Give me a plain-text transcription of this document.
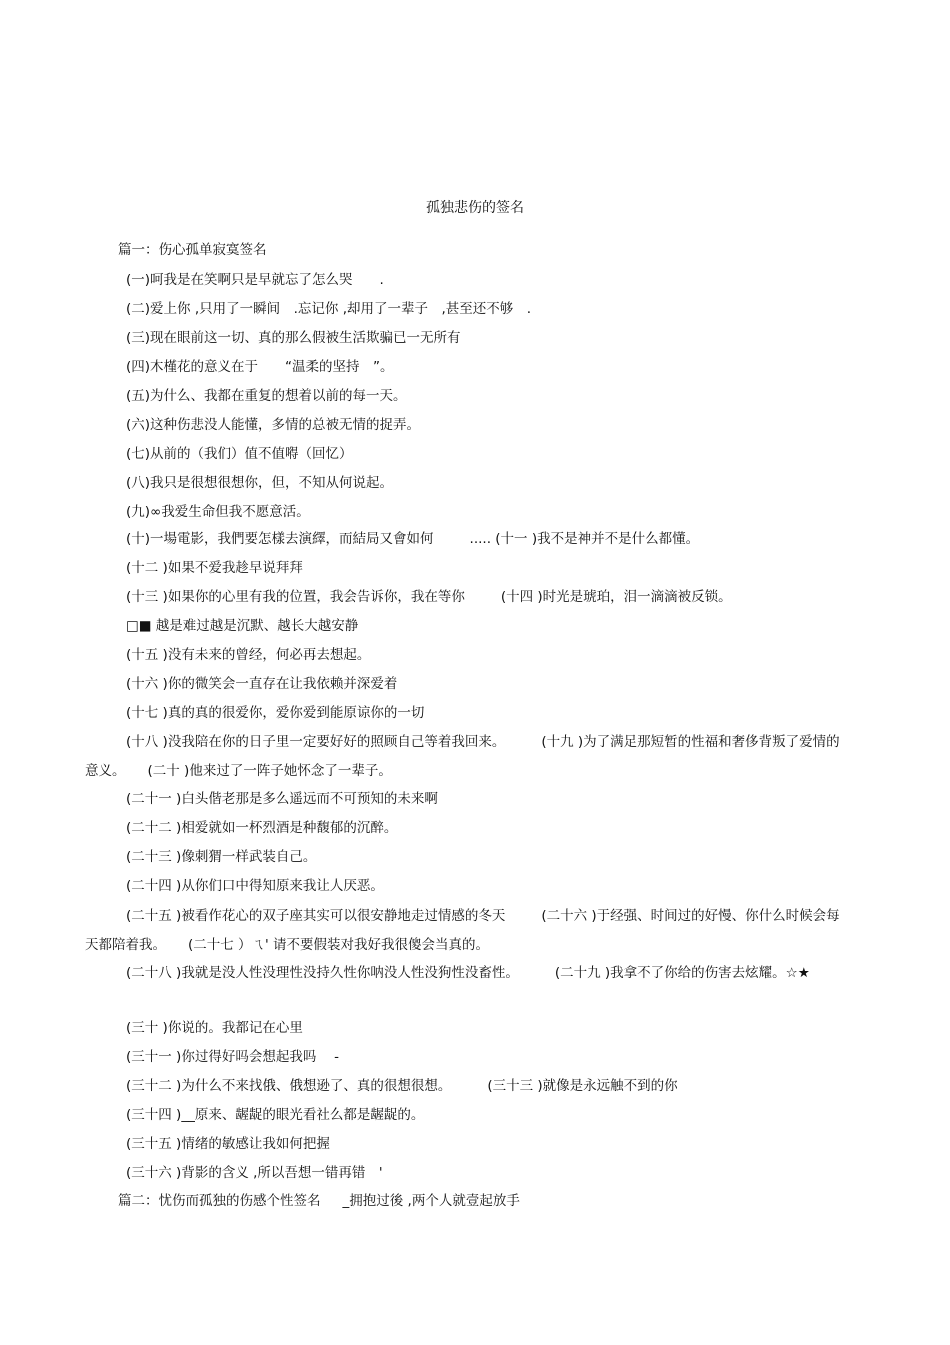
孤独悲伤的签名
篇一：伤心孤单寂寞签名
(一)呵我是在笑啊只是早就忘了怎么哭　　.
(二)爱上你 ,只用了一瞬间　.忘记你 ,却用了一辈子　,甚至还不够　.
(三)现在眼前这一切、真的那么假被生活欺骗已一无所有
(四)木槿花的意义在于　　“温柔的坚持　”。
(五)为什么、我都在重复的想着以前的每一天。
(六)这种伤悲没人能懂，多情的总被无情的捉弄。
(七)从前的（我们）值不值嘚（回忆）
(八)我只是很想很想你，但，不知从何说起。
(九)∞我爱生命但我不愿意活。
(十)一場電影，我們要怎樣去演繹，而結局又會如何	..... (十一 )我不是神并不是什么都懂。
(十二 )如果不爱我趁早说拜拜
(十三 )如果你的心里有我的位置，我会告诉你，我在等你	(十四 )时光是琥珀，泪一滴滴被反锁。
□■ 越是难过越是沉默、越长大越安静
(十五 )没有未来的曾经，何必再去想起。
(十六 )你的微笑会一直存在让我依赖并深爱着
(十七 )真的真的很爱你，爱你爱到能原谅你的一切
(十八 )没我陪在你的日子里一定要好好的照顾自己等着我回来。	(十九 )为了满足那短暂的性福和奢侈背叛了爱情的意义。 (二十 )他来过了一阵子她怀念了一辈子。
(二十一 )白头偕老那是多么遥远而不可预知的未来啊
(二十二 )相爱就如一杯烈酒是种馥郁的沉醉。
(二十三 )像刺猬一样武装自己。
(二十四 )从你们口中得知原来我让人厌恶。
(二十五 )被看作花心的双子座其实可以很安静地走过情感的冬天	(二十六 )于经强、时间过的好慢、你什么时候会每天都陪着我。 (二十七 ）ㄟ' 请不要假装对我好我很傻会当真的。
(二十八 )我就是没人性没理性没持久性你呐没人性没狗性没畜性。	(二十九 )我拿不了你给的伤害去炫耀。☆★
(三十 )你说的。我都记在心里
(三十一 )你过得好吗会想起我吗　 -
(三十二 )为什么不来找俄、俄想逊了、真的很想很想。	(三十三 )就像是永远触不到的你
(三十四 )__原来、龌龊的眼光看社么都是龌龊的。
(三十五 )情绪的敏感让我如何把握
(三十六 )背影的含义 ,所以吾想一错再错　'
篇二：忧伤而孤独的伤感个性签名 _拥抱过後 ,两个人就壹起放手
